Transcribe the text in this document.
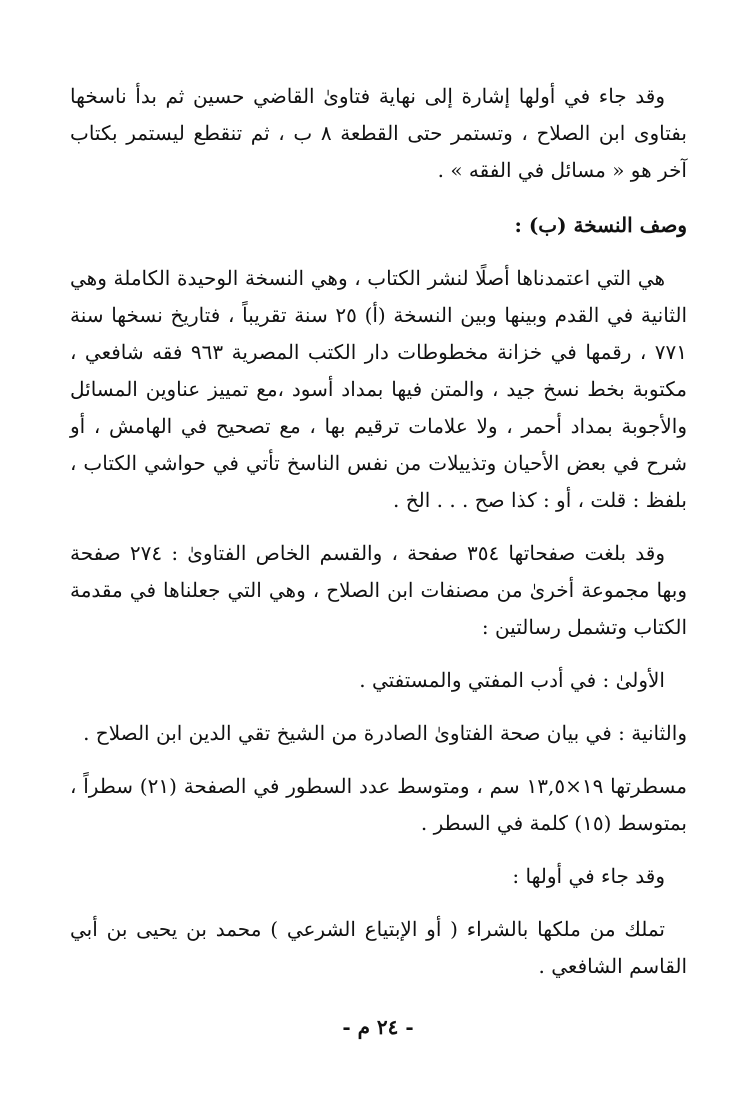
وقد جاء في أولها إشارة إلى نهاية فتاوىٰ القاضي حسين ثم بدأ ناسخها بفتاوى ابن الصلاح ، وتستمر حتى القطعة ٨ ب ، ثم تنقطع ليستمر بكتاب آخر هو « مسائل في الفقه » .

وصف النسخة (ب) :

هي التي اعتمدناها أصلًا لنشر الكتاب ، وهي النسخة الوحيدة الكاملة وهي الثانية في القدم وبينها وبين النسخة (أ) ٢٥ سنة تقريباً ، فتاريخ نسخها سنة ٧٧١ ، رقمها في خزانة مخطوطات دار الكتب المصرية ٩٦٣ فقه شافعي ، مكتوبة بخط نسخ جيد ، والمتن فيها بمداد أسود ،مع تمييز عناوين المسائل والأجوبة بمداد أحمر ، ولا علامات ترقيم بها ، مع تصحيح في الهامش ، أو شرح في بعض الأحيان وتذييلات من نفس الناسخ تأتي في حواشي الكتاب ، بلفظ : قلت ، أو : كذا صح . . . الخ .

وقد بلغت صفحاتها ٣٥٤ صفحة ، والقسم الخاص الفتاوىٰ : ٢٧٤ صفحة وبها مجموعة أخرىٰ من مصنفات ابن الصلاح ، وهي التي جعلناها في مقدمة الكتاب وتشمل رسالتين :

الأولىٰ : في أدب المفتي والمستفتي .

والثانية : في بيان صحة الفتاوىٰ الصادرة من الشيخ تقي الدين ابن الصلاح .

مسطرتها ١٩×١٣,٥ سم ، ومتوسط عدد السطور في الصفحة (٢١) سطراً ، بمتوسط (١٥) كلمة في السطر .

وقد جاء في أولها :

تملك من ملكها بالشراء ( أو الإبتياع الشرعي ) محمد بن يحيى بن أبي القاسم الشافعي .

- ٢٤ م -
